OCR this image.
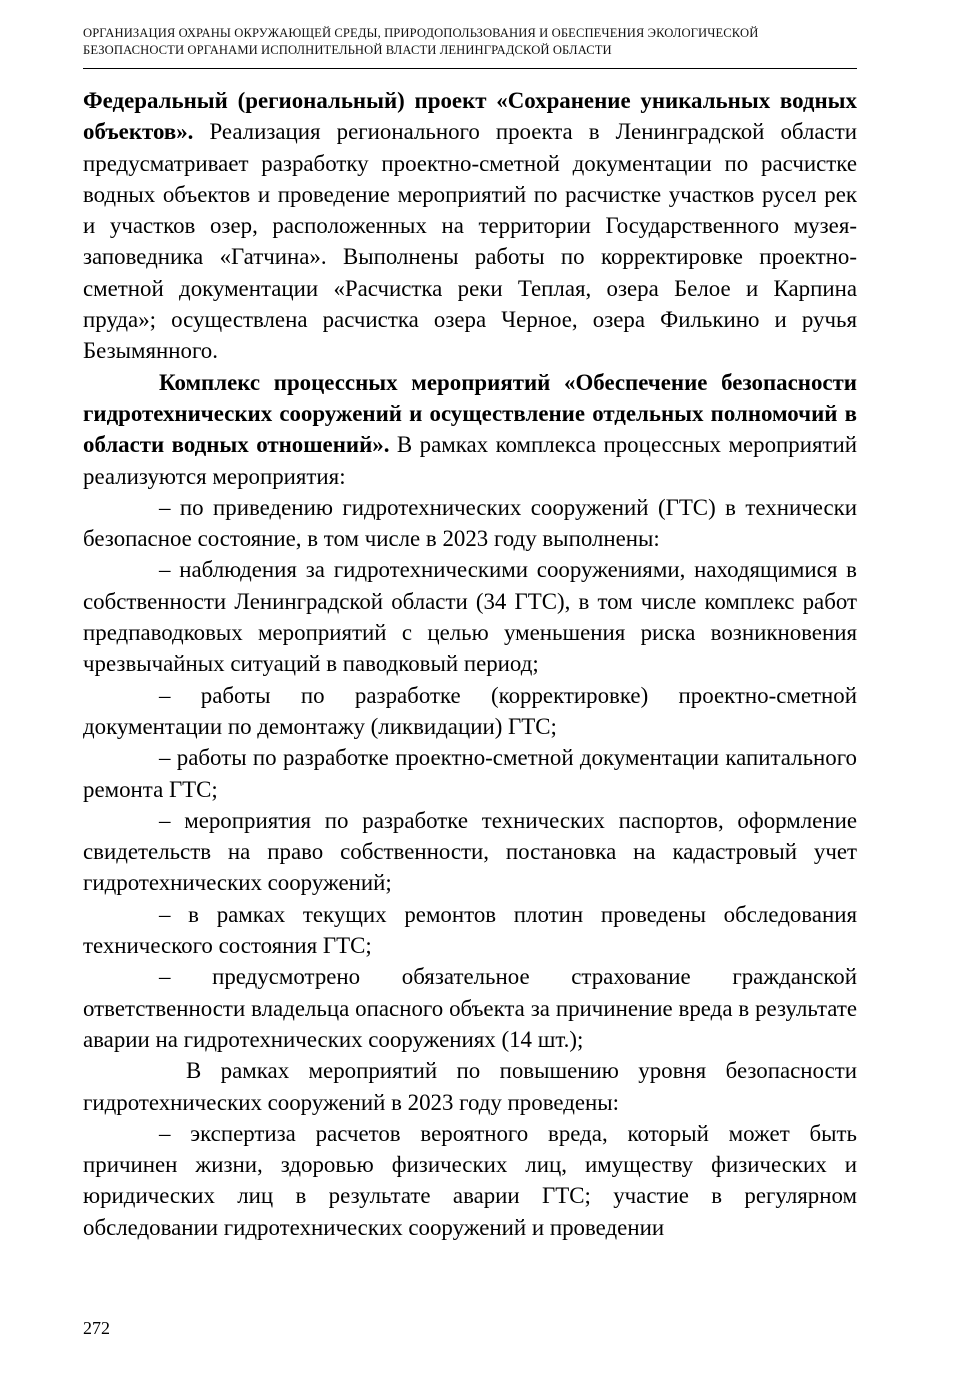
ОРГАНИЗАЦИЯ ОХРАНЫ ОКРУЖАЮЩЕЙ СРЕДЫ, ПРИРОДОПОЛЬЗОВАНИЯ И ОБЕСПЕЧЕНИЯ ЭКОЛОГИЧЕСКОЙ
БЕЗОПАСНОСТИ ОРГАНАМИ ИСПОЛНИТЕЛЬНОЙ ВЛАСТИ ЛЕНИНГРАДСКОЙ ОБЛАСТИ

Федеральный (региональный) проект «Сохранение уникальных водных объектов». Реализация регионального проекта в Ленинградской области предусматривает разработку проектно-сметной документации по расчистке водных объектов и проведение мероприятий по расчистке участков русел рек и участков озер, расположенных на территории Государственного музея-заповедника «Гатчина». Выполнены работы по корректировке проектно-сметной документации «Расчистка реки Теплая, озера Белое и Карпина пруда»; осуществлена расчистка озера Черное, озера Филькино и ручья Безымянного.

Комплекс процессных мероприятий «Обеспечение безопасности гидротехнических сооружений и осуществление отдельных полномочий в области водных отношений». В рамках комплекса процессных мероприятий реализуются мероприятия:

– по приведению гидротехнических сооружений (ГТС) в технически безопасное состояние, в том числе в 2023 году выполнены:

– наблюдения за гидротехническими сооружениями, находящимися в собственности Ленинградской области (34 ГТС), в том числе комплекс работ предпаводковых мероприятий с целью уменьшения риска возникновения чрезвычайных ситуаций в паводковый период;

– работы по разработке (корректировке) проектно-сметной документации по демонтажу (ликвидации) ГТС;

– работы по разработке проектно-сметной документации капитального ремонта ГТС;

– мероприятия по разработке технических паспортов, оформление свидетельств на право собственности, постановка на кадастровый учет гидротехнических сооружений;

– в рамках текущих ремонтов плотин проведены обследования технического состояния ГТС;

– предусмотрено обязательное страхование гражданской ответственности владельца опасного объекта за причинение вреда в результате аварии на гидротехнических сооружениях (14 шт.);

В рамках мероприятий по повышению уровня безопасности гидротехнических сооружений в 2023 году проведены:

– экспертиза расчетов вероятного вреда, который может быть причинен жизни, здоровью физических лиц, имуществу физических и юридических лиц в результате аварии ГТС; участие в регулярном обследовании гидротехнических сооружений и проведении

272
